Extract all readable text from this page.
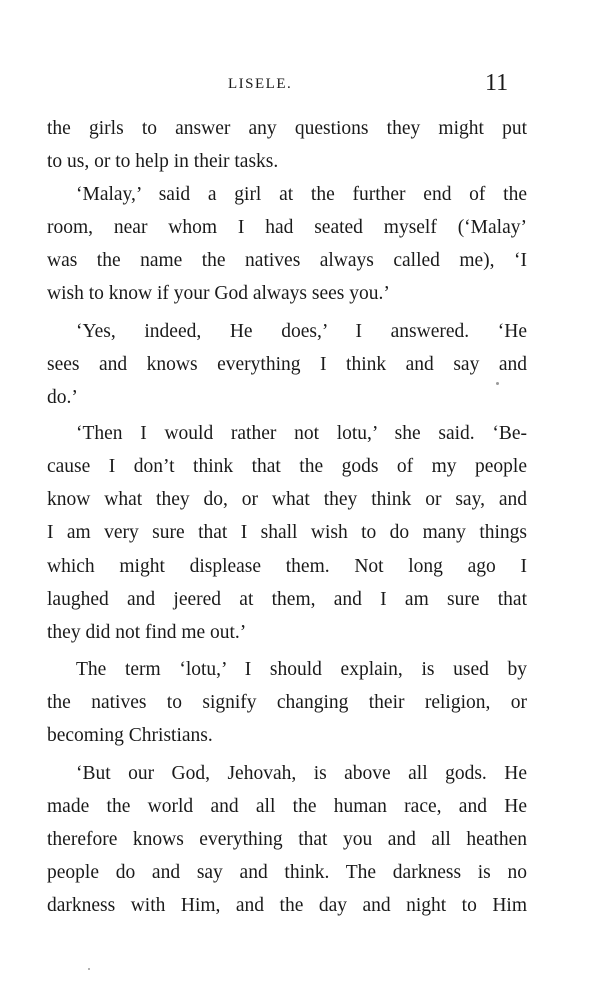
LISELE.	11
the girls to answer any questions they might put
to us, or to help in their tasks.
‘Malay,’ said a girl at the further end of the
room, near whom I had seated myself (‘Malay’
was the name the natives always called me), ‘I
wish to know if your God always sees you.’
‘Yes, indeed, He does,’ I answered. ‘He
sees and knows everything I think and say and
do.’
‘Then I would rather not lotu,’ she said. ‘Be-
cause I don’t think that the gods of my people
know what they do, or what they think or say, and
I am very sure that I shall wish to do many things
which might displease them. Not long ago I
laughed and jeered at them, and I am sure that
they did not find me out.’
The term ‘lotu,’ I should explain, is used by
the natives to signify changing their religion, or
becoming Christians.
‘But our God, Jehovah, is above all gods. He
made the world and all the human race, and He
therefore knows everything that you and all heathen
people do and say and think. The darkness is no
darkness with Him, and the day and night to Him
